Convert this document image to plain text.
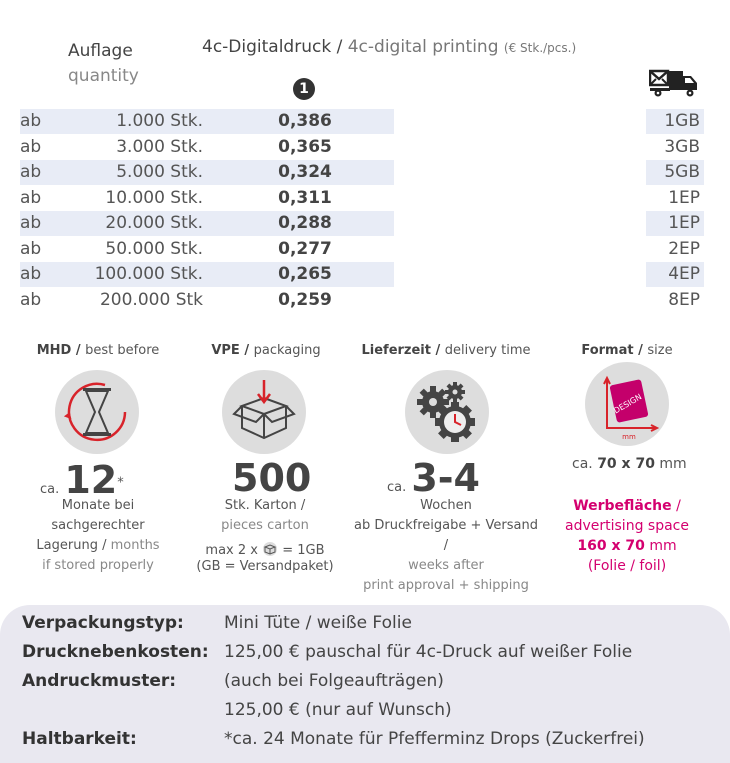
Auflage
quantity
4c-Digitaldruck / 4c-digital printing (€ Stk./pcs.)
1
ab	1.000 Stk.	0,386	1GB
ab	3.000 Stk.	0,365	3GB
ab	5.000 Stk.	0,324	5GB
ab	10.000 Stk.	0,311	1EP
ab	20.000 Stk.	0,288	1EP
ab	50.000 Stk.	0,277	2EP
ab	100.000 Stk.	0,265	4EP
ab	200.000 Stk	0,259	8EP
MHD / best before
ca. 12*
Monate bei
sachgerechter
Lagerung / months
if stored properly
VPE / packaging
500
Stk. Karton /
pieces carton
max 2 x = 1GB
(GB = Versandpaket)
Lieferzeit / delivery time
ca. 3-4
Wochen
ab Druckfreigabe + Versand /
weeks after
print approval + shipping
Format / size
DESIGN
mm
ca. 70 x 70 mm
Werbefläche /
advertising space
160 x 70 mm
(Folie / foil)
Verpackungstyp: Mini Tüte / weiße Folie
Drucknebenkosten: 125,00 € pauschal für 4c-Druck auf weißer Folie
Andruckmuster:	(auch bei Folgeaufträgen)
125,00 € (nur auf Wunsch)
Haltbarkeit:	*ca. 24 Monate für Pfefferminz Drops (Zuckerfrei)
